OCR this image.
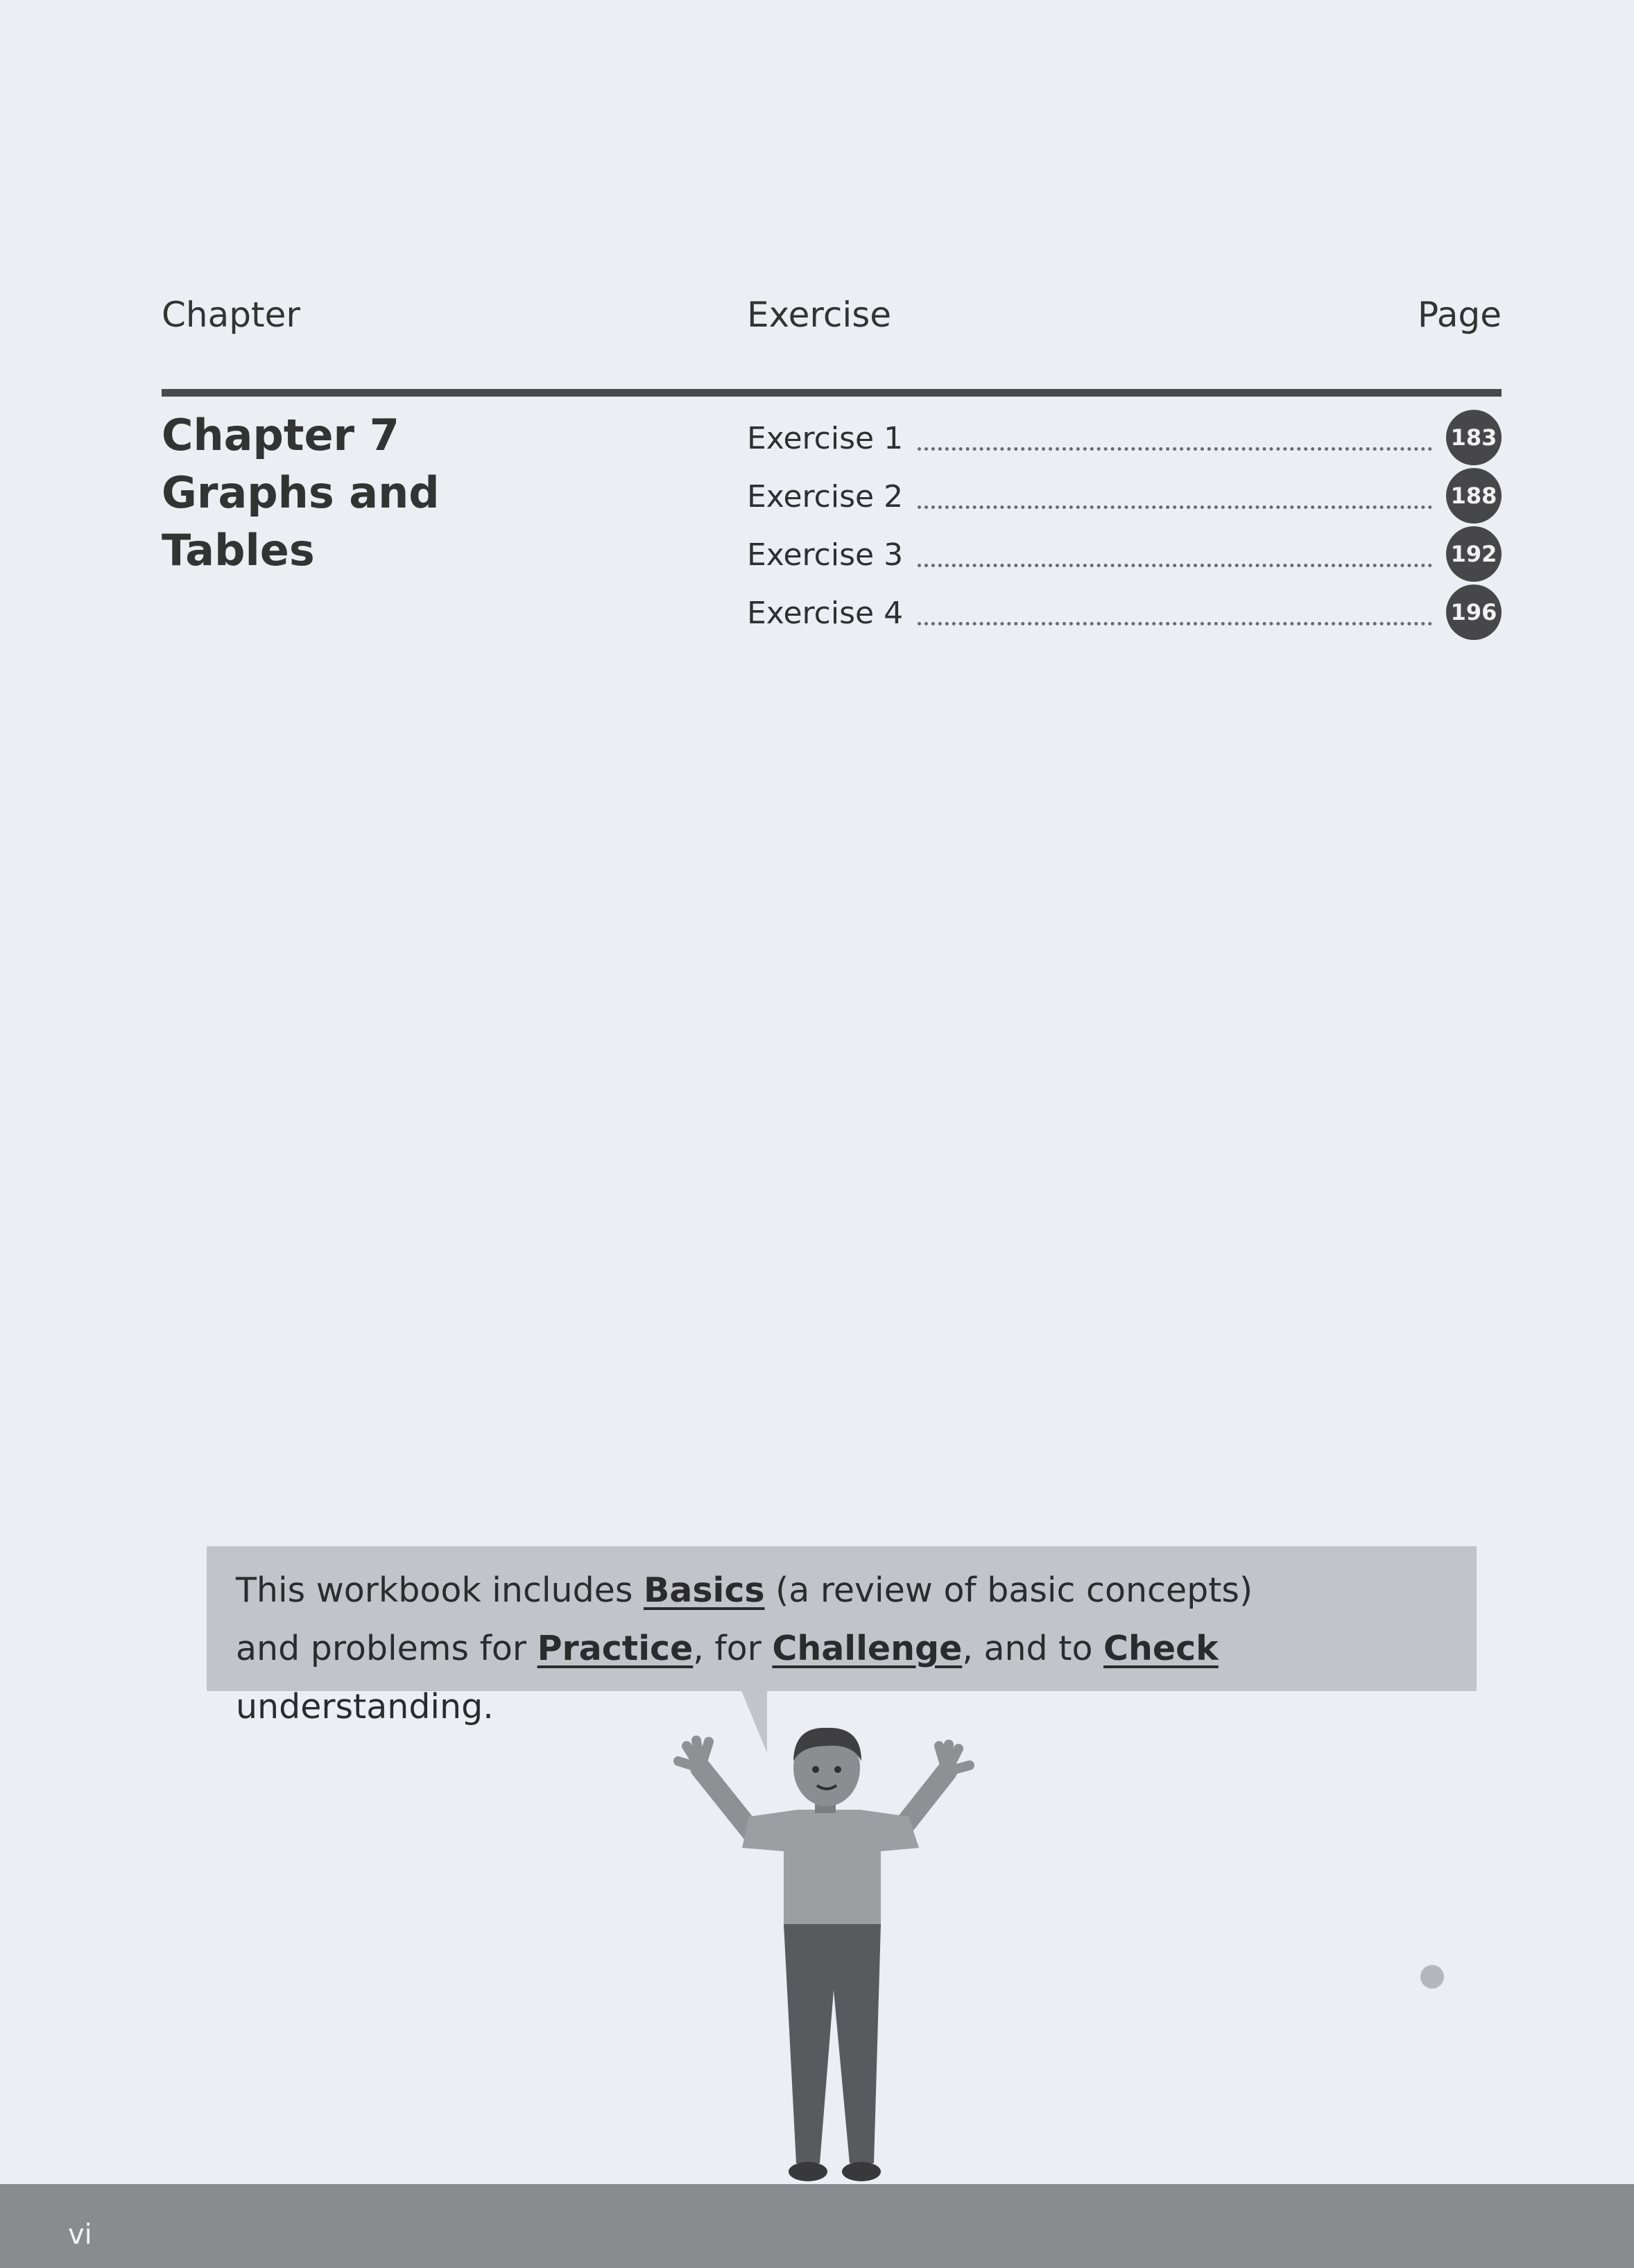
Chapter	Exercise	Page
Chapter 7
Graphs and
Tables
Exercise 1	183
Exercise 2	188
Exercise 3	192
Exercise 4	196
This workbook includes Basics (a review of basic concepts)
and problems for Practice, for Challenge, and to Check understanding.
vi
